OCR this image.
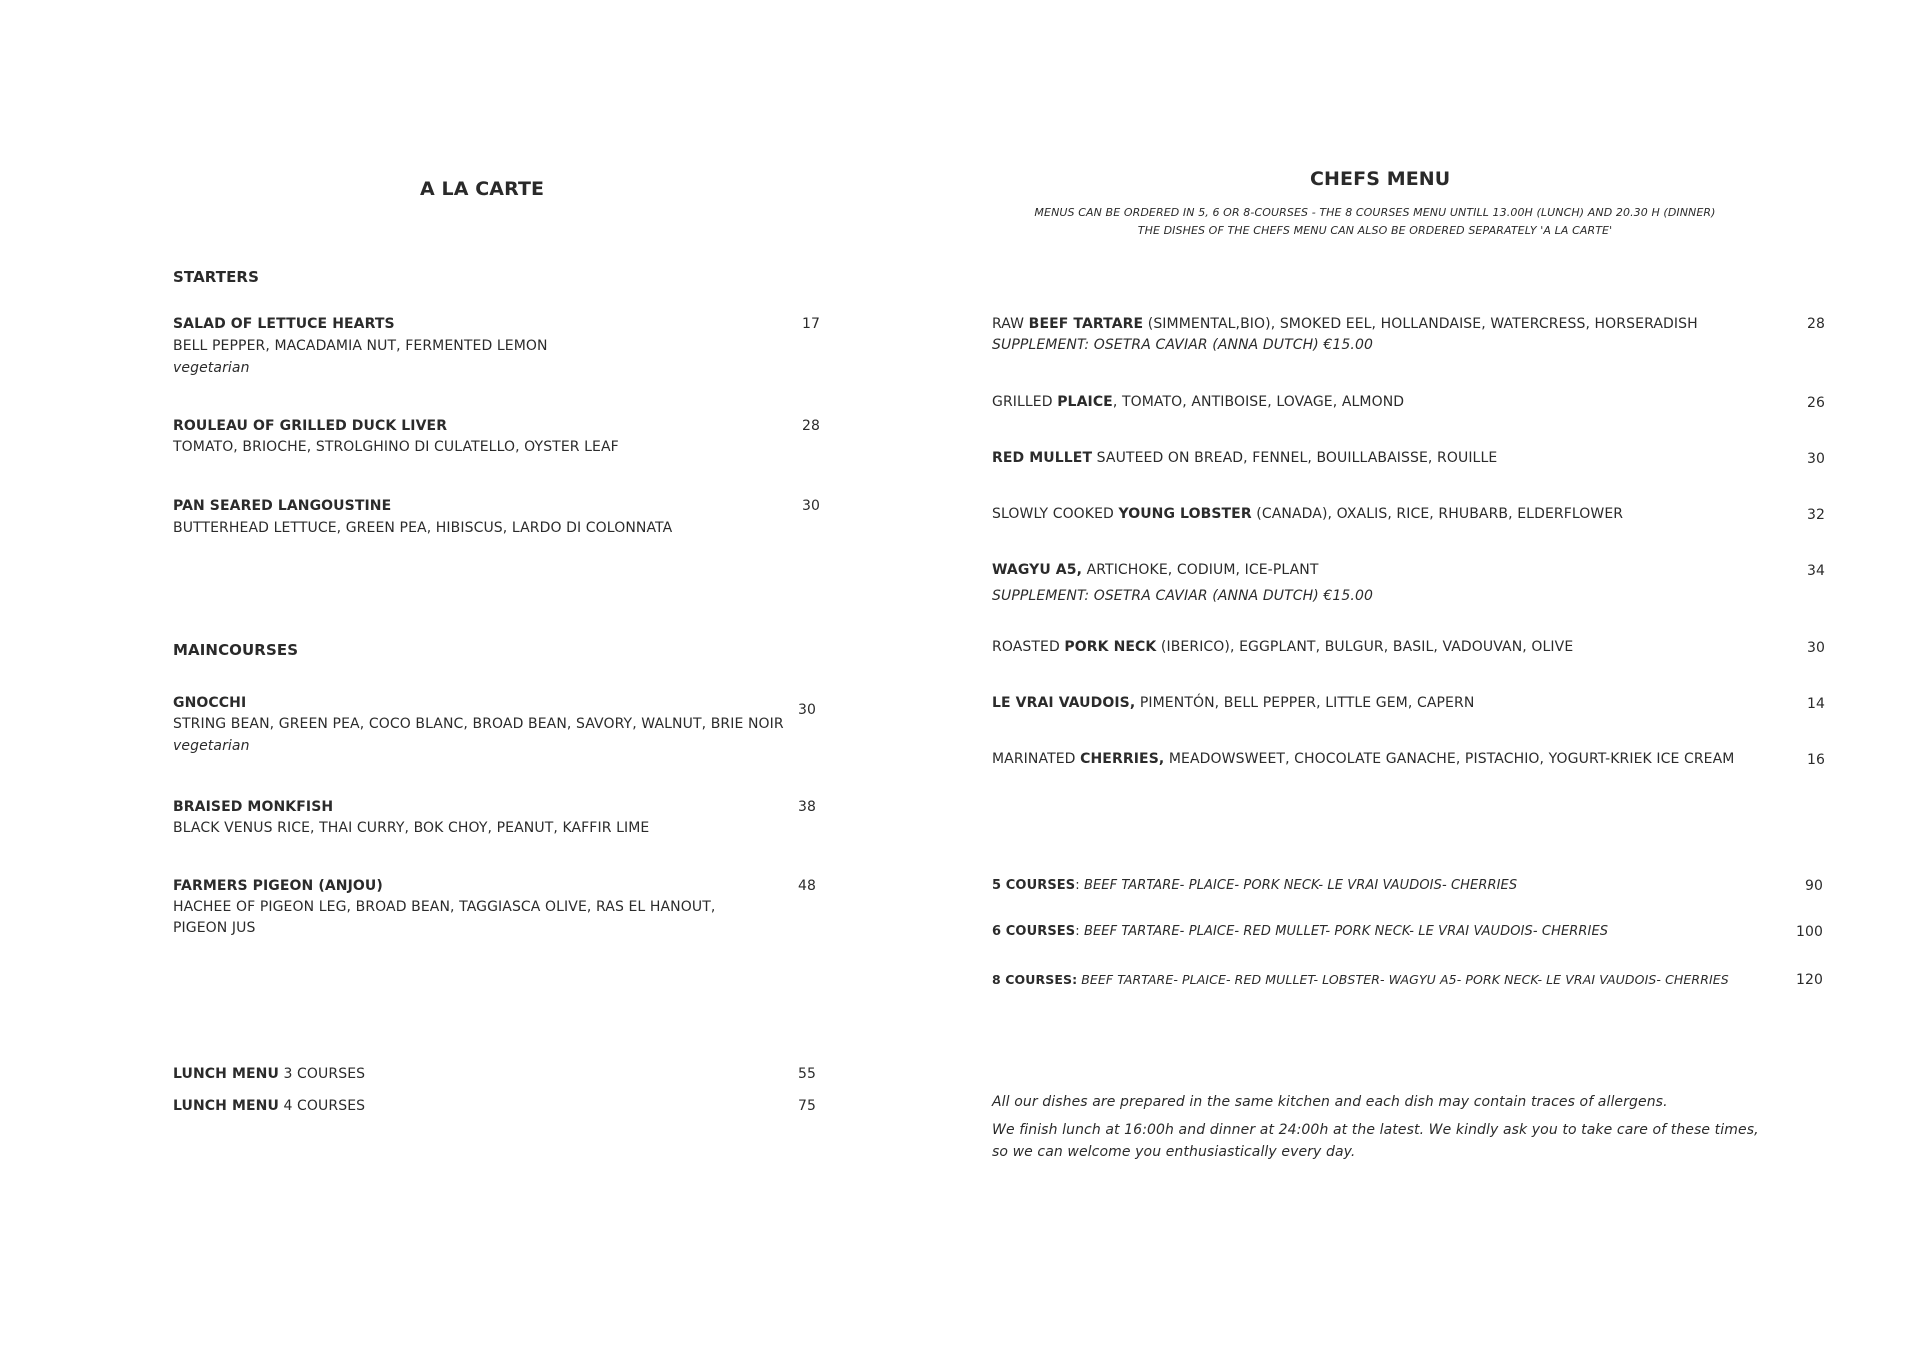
A LA CARTE
STARTERS
SALAD OF LETTUCE HEARTS
BELL PEPPER, MACADAMIA NUT, FERMENTED LEMON
vegetarian
17
ROULEAU OF GRILLED DUCK LIVER
TOMATO, BRIOCHE, STROLGHINO DI CULATELLO, OYSTER LEAF
28
PAN SEARED LANGOUSTINE
BUTTERHEAD LETTUCE, GREEN PEA, HIBISCUS, LARDO DI COLONNATA
30
MAINCOURSES
GNOCCHI
STRING BEAN, GREEN PEA, COCO BLANC, BROAD BEAN, SAVORY, WALNUT, BRIE NOIR
vegetarian
30
BRAISED MONKFISH
BLACK VENUS RICE, THAI CURRY, BOK CHOY, PEANUT, KAFFIR LIME
38
FARMERS PIGEON (ANJOU)
HACHEE OF PIGEON LEG, BROAD BEAN, TAGGIASCA OLIVE, RAS EL HANOUT,
PIGEON JUS
48
LUNCH MENU 3 COURSES	55
LUNCH MENU 4 COURSES	75
CHEFS MENU
MENUS CAN BE ORDERED IN 5, 6 OR 8-COURSES - THE 8 COURSES MENU UNTILL 13.00H (LUNCH) AND 20.30 H (DINNER)
THE DISHES OF THE CHEFS MENU CAN ALSO BE ORDERED SEPARATELY 'A LA CARTE'
RAW BEEF TARTARE (SIMMENTAL,BIO), SMOKED EEL, HOLLANDAISE, WATERCRESS, HORSERADISH
SUPPLEMENT: OSETRA CAVIAR (ANNA DUTCH) €15.00
28
GRILLED PLAICE, TOMATO, ANTIBOISE, LOVAGE, ALMOND	26
RED MULLET SAUTEED ON BREAD, FENNEL, BOUILLABAISSE, ROUILLE	30
SLOWLY COOKED YOUNG LOBSTER (CANADA), OXALIS, RICE, RHUBARB, ELDERFLOWER	32
WAGYU A5, ARTICHOKE, CODIUM, ICE-PLANT
SUPPLEMENT: OSETRA CAVIAR (ANNA DUTCH) €15.00
34
ROASTED PORK NECK (IBERICO), EGGPLANT, BULGUR, BASIL, VADOUVAN, OLIVE	30
LE VRAI VAUDOIS, PIMENTÓN, BELL PEPPER, LITTLE GEM, CAPERN	14
MARINATED CHERRIES, MEADOWSWEET, CHOCOLATE GANACHE, PISTACHIO, YOGURT-KRIEK ICE CREAM	16
5 COURSES: BEEF TARTARE- PLAICE- PORK NECK- LE VRAI VAUDOIS- CHERRIES	90
6 COURSES: BEEF TARTARE- PLAICE- RED MULLET- PORK NECK- LE VRAI VAUDOIS- CHERRIES	100
8 COURSES: BEEF TARTARE- PLAICE- RED MULLET- LOBSTER- WAGYU A5- PORK NECK- LE VRAI VAUDOIS- CHERRIES	120
All our dishes are prepared in the same kitchen and each dish may contain traces of allergens.
We finish lunch at 16:00h and dinner at 24:00h at the latest. We kindly ask you to take care of these times,
so we can welcome you enthusiastically every day.
